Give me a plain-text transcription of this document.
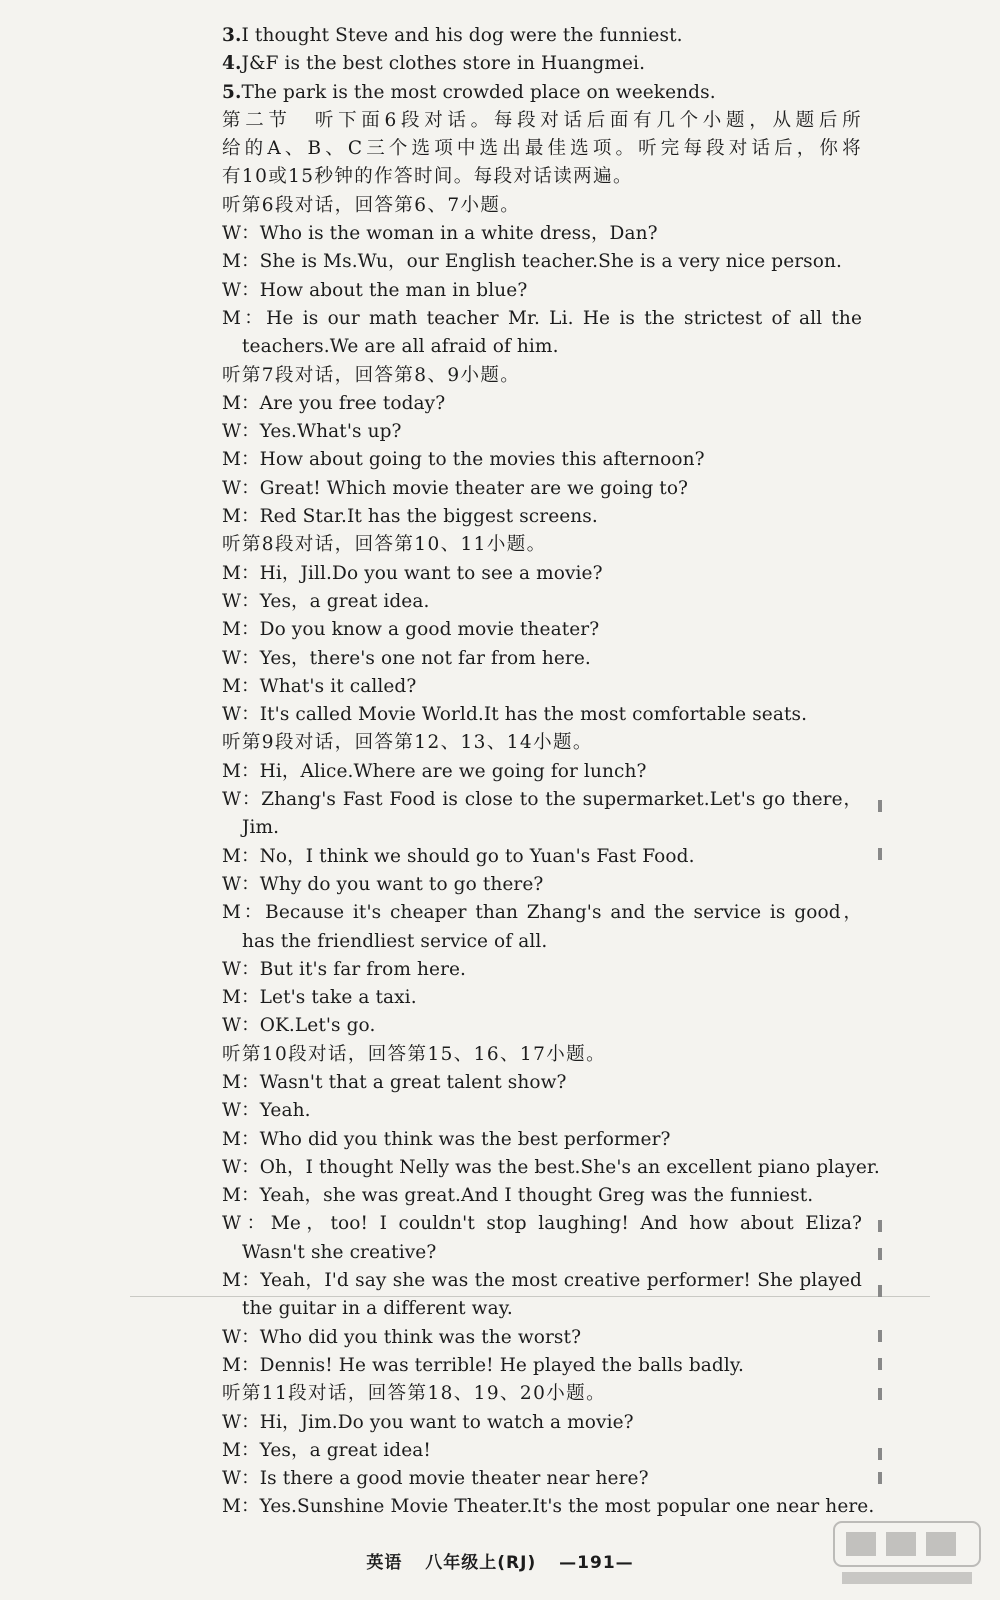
3.I thought Steve and his dog were the funniest.
4.J&F is the best clothes store in Huangmei.
5.The park is the most crowded place on weekends.
第二节　听下面6段对话。每段对话后面有几个小题，从题后所
给的A、B、C三个选项中选出最佳选项。听完每段对话后，你将
有10或15秒钟的作答时间。每段对话读两遍。
听第6段对话，回答第6、7小题。
W：Who is the woman in a white dress，Dan?
M：She is Ms.Wu，our English teacher.She is a very nice person.
W：How about the man in blue?
M：He is our math teacher Mr. Li. He is the strictest of all the
teachers.We are all afraid of him.
听第7段对话，回答第8、9小题。
M：Are you free today?
W：Yes.What's up?
M：How about going to the movies this afternoon?
W：Great! Which movie theater are we going to?
M：Red Star.It has the biggest screens.
听第8段对话，回答第10、11小题。
M：Hi，Jill.Do you want to see a movie?
W：Yes，a great idea.
M：Do you know a good movie theater?
W：Yes，there's one not far from here.
M：What's it called?
W：It's called Movie World.It has the most comfortable seats.
听第9段对话，回答第12、13、14小题。
M：Hi，Alice.Where are we going for lunch?
W：Zhang's Fast Food is close to the supermarket.Let's go there，
Jim.
M：No，I think we should go to Yuan's Fast Food.
W：Why do you want to go there?
M：Because it's cheaper than Zhang's and the service is good，
has the friendliest service of all.
W：But it's far from here.
M：Let's take a taxi.
W：OK.Let's go.
听第10段对话，回答第15、16、17小题。
M：Wasn't that a great talent show?
W：Yeah.
M：Who did you think was the best performer?
W：Oh，I thought Nelly was the best.She's an excellent piano player.
M：Yeah，she was great.And I thought Greg was the funniest.
W：Me，too! I couldn't stop laughing! And how about Eliza?
Wasn't she creative?
M：Yeah，I'd say she was the most creative performer! She played
the guitar in a different way.
W：Who did you think was the worst?
M：Dennis! He was terrible! He played the balls badly.
听第11段对话，回答第18、19、20小题。
W：Hi，Jim.Do you want to watch a movie?
M：Yes，a great idea!
W：Is there a good movie theater near here?
M：Yes.Sunshine Movie Theater.It's the most popular one near here.
英语 八年级上(RJ) —191—
